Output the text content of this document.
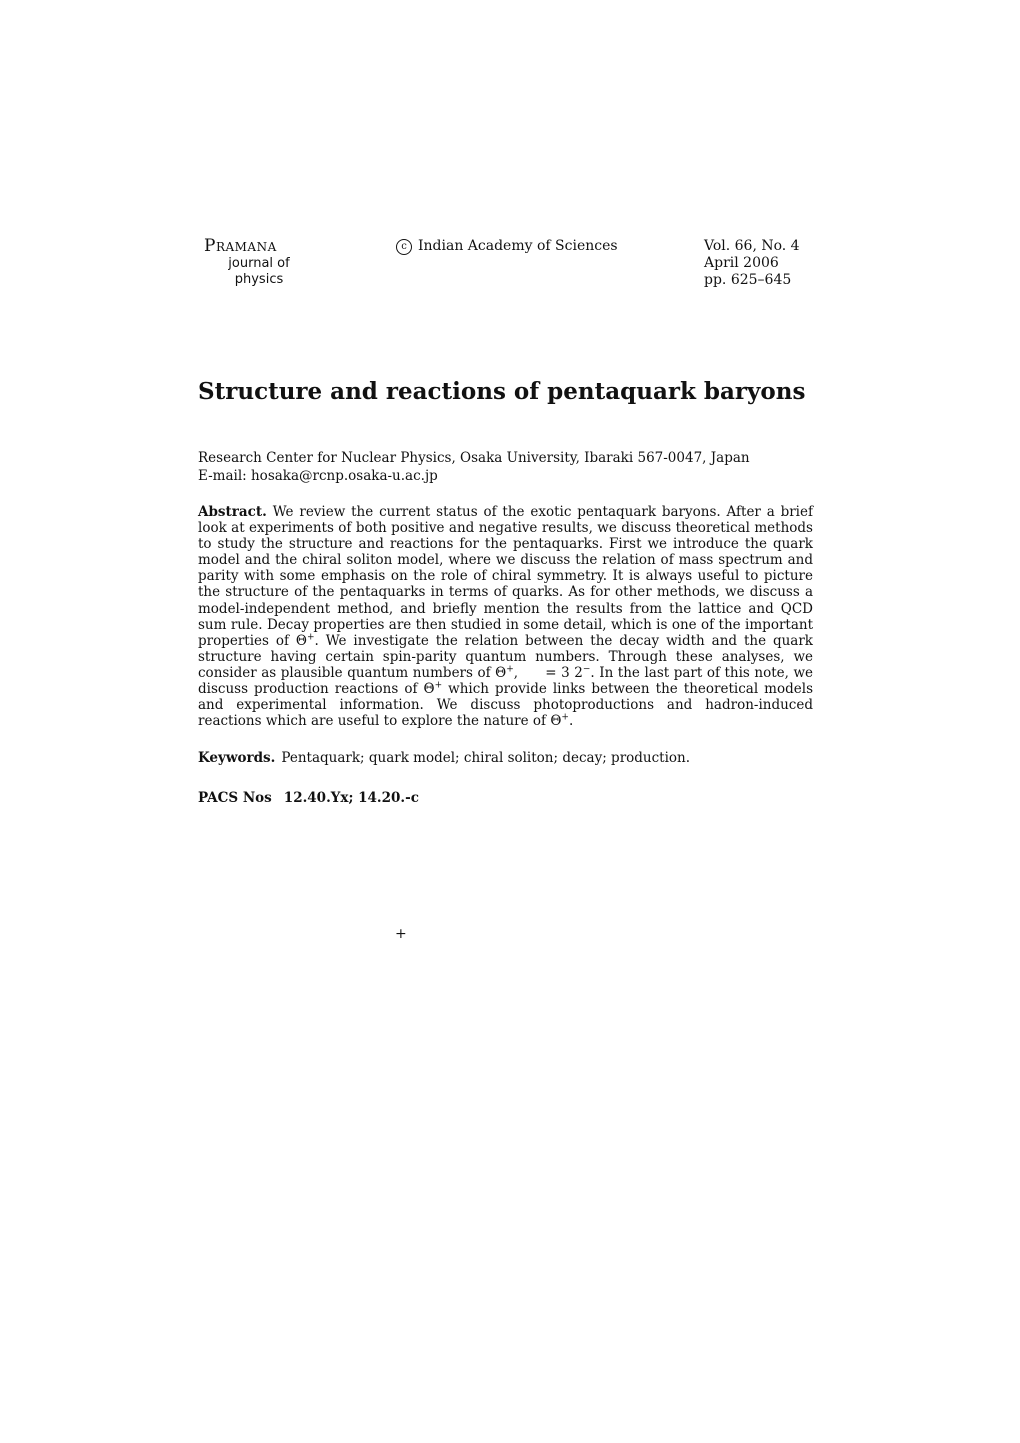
Pramana
journal of
physics
c Indian Academy of Sciences	Vol. 66, No. 4
April 2006
pp. 625–645
Structure and reactions of pentaquark baryons
Research Center for Nuclear Physics, Osaka University, Ibaraki 567-0047, Japan
E-mail: hosaka@rcnp.osaka-u.ac.jp
Abstract. We review the current status of the exotic pentaquark baryons. After a brief look at experiments of both positive and negative results, we discuss theoretical methods to study the structure and reactions for the pentaquarks. First we introduce the quark model and the chiral soliton model, where we discuss the relation of mass spectrum and parity with some emphasis on the role of chiral symmetry. It is always useful to picture the structure of the pentaquarks in terms of quarks. As for other methods, we discuss a model-independent method, and briefly mention the results from the lattice and QCD sum rule. Decay properties are then studied in some detail, which is one of the important properties of Θ+. We investigate the relation between the decay width and the quark structure having certain spin-parity quantum numbers. Through these analyses, we consider as plausible quantum numbers of Θ+,      = 3 2−. In the last part of this note, we discuss production reactions of Θ+ which provide links between the theoretical models and experimental information. We discuss photoproductions and hadron-induced reactions which are useful to explore the nature of Θ+.
Keywords. Pentaquark; quark model; chiral soliton; decay; production.
PACS Nos 12.40.Yx; 14.20.-c
+
